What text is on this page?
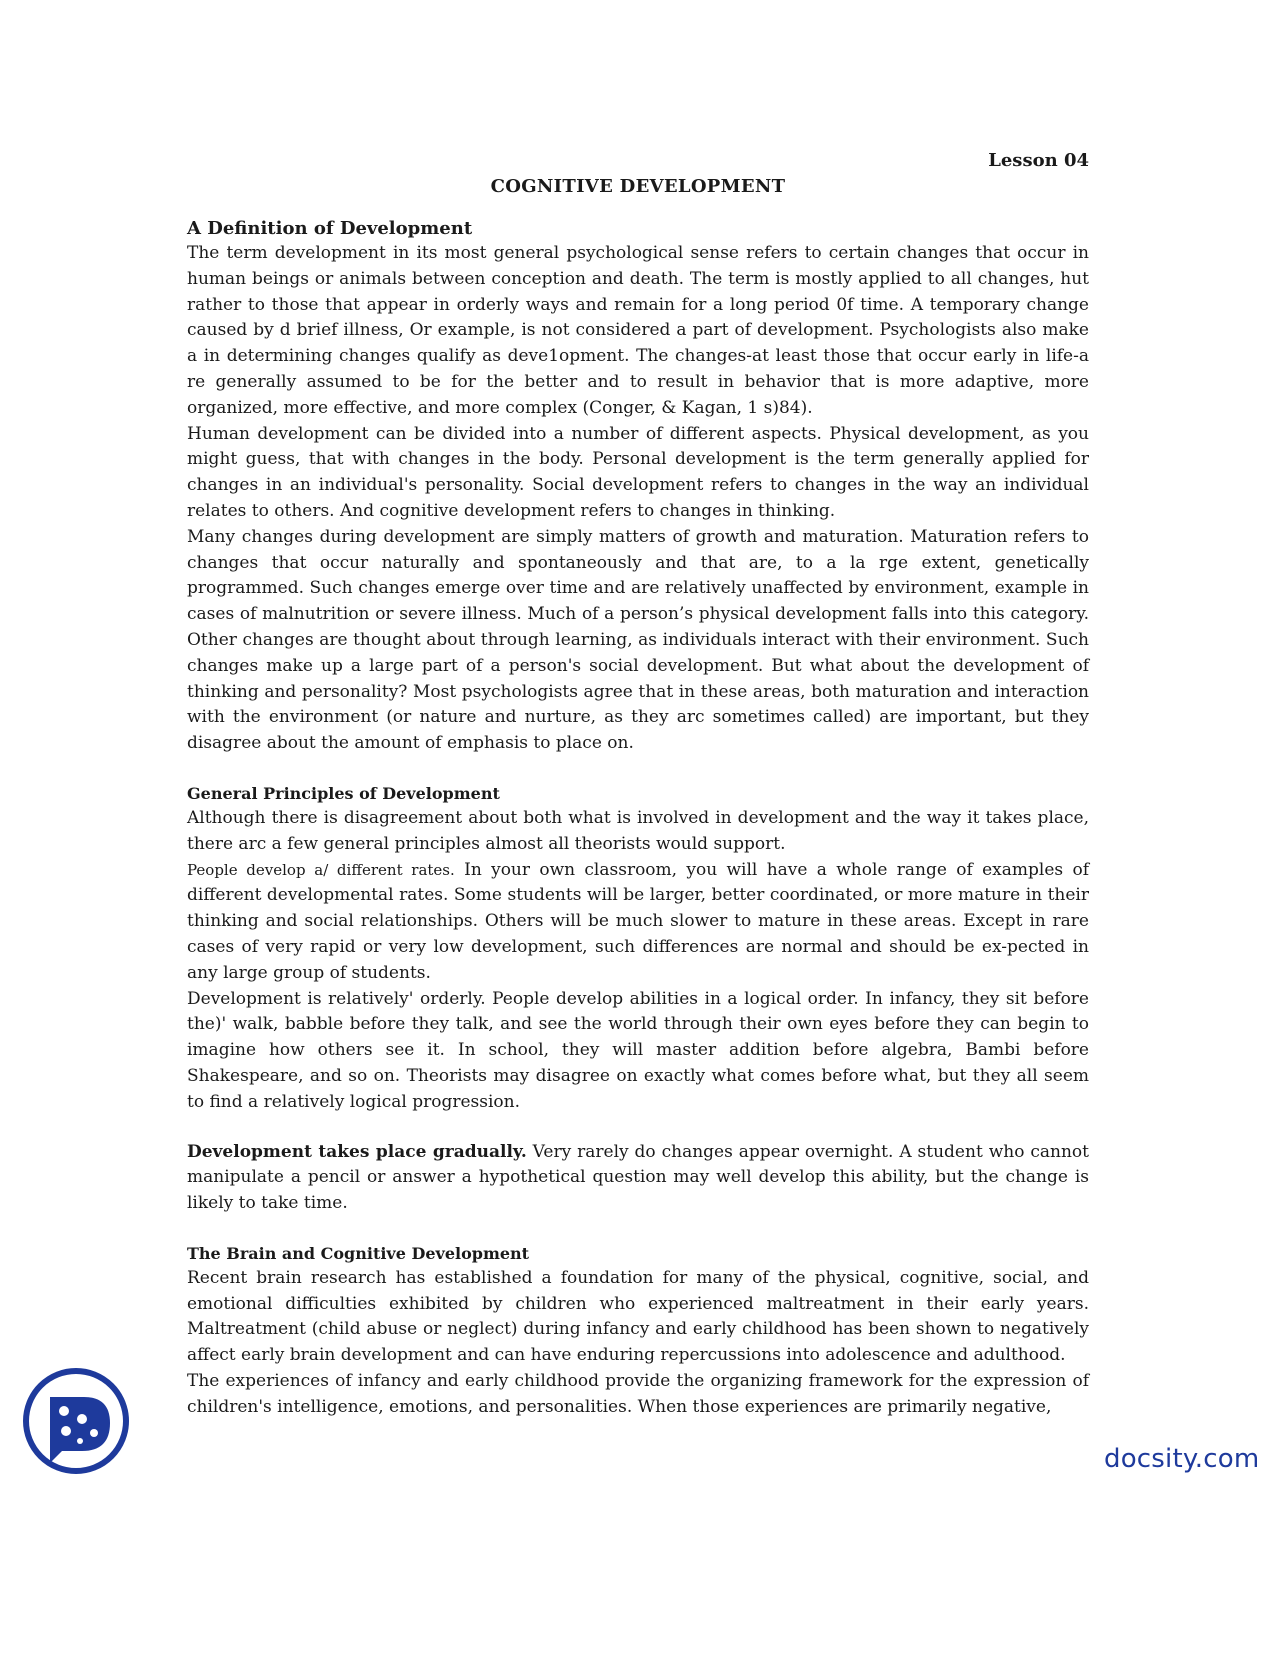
Lesson 04
COGNITIVE DEVELOPMENT
A Definition of Development

The term development in its most general psychological sense refers to certain changes that occur in human beings or animals between conception and death. The term is mostly applied to all changes, hut rather to those that appear in orderly ways and remain for a long period 0f time. A temporary change caused by d brief illness, Or example, is not considered a part of development. Psychologists also make a in determining changes qualify as deve1opment. The changes-at least those that occur early in life-a re generally assumed to be for the better and to result in behavior that is more adaptive, more organized, more effective, and more complex (Conger, & Kagan, 1 s)84).

Human development can be divided into a number of different aspects. Physical development, as you might guess, that with changes in the body. Personal development is the term generally applied for changes in an individual's personality. Social development refers to changes in the way an individual relates to others. And cognitive development refers to changes in thinking.

Many changes during development are simply matters of growth and maturation. Maturation refers to changes that occur naturally and spontaneously and that are, to a la rge extent, genetically programmed. Such changes emerge over time and are relatively unaffected by environment, example in cases of malnutrition or severe illness. Much of a person’s physical development falls into this category. Other changes are thought about through learning, as individuals interact with their environment. Such changes make up a large part of a person's social development. But what about the development of thinking and personality? Most psychologists agree that in these areas, both maturation and interaction with the environment (or nature and nurture, as they arc sometimes called) are important, but they disagree about the amount of emphasis to place on.

General Principles of Development

Although there is disagreement about both what is involved in development and the way it takes place, there arc a few general principles almost all theorists would support.

People develop a/ different rates. In your own classroom, you will have a whole range of examples of different developmental rates. Some students will be larger, better coordinated, or more mature in their thinking and social relationships. Others will be much slower to mature in these areas. Except in rare cases of very rapid or very low development, such differences are normal and should be ex-pected in any large group of students.

Development is relatively' orderly. People develop abilities in a logical order. In infancy, they sit before the)' walk, babble before they talk, and see the world through their own eyes before they can begin to imagine how others see it. In school, they will master addition before algebra, Bambi before Shakespeare, and so on. Theorists may disagree on exactly what comes before what, but they all seem to find a relatively logical progression.

Development takes place gradually. Very rarely do changes appear overnight. A student who cannot manipulate a pencil or answer a hypothetical question may well develop this ability, but the change is likely to take time.

The Brain and Cognitive Development

Recent brain research has established a foundation for many of the physical, cognitive, social, and emotional difficulties exhibited by children who experienced maltreatment in their early years. Maltreatment (child abuse or neglect) during infancy and early childhood has been shown to negatively affect early brain development and can have enduring repercussions into adolescence and adulthood.

The experiences of infancy and early childhood provide the organizing framework for the expression of children's intelligence, emotions, and personalities. When those experiences are primarily negative,

docsity.com
